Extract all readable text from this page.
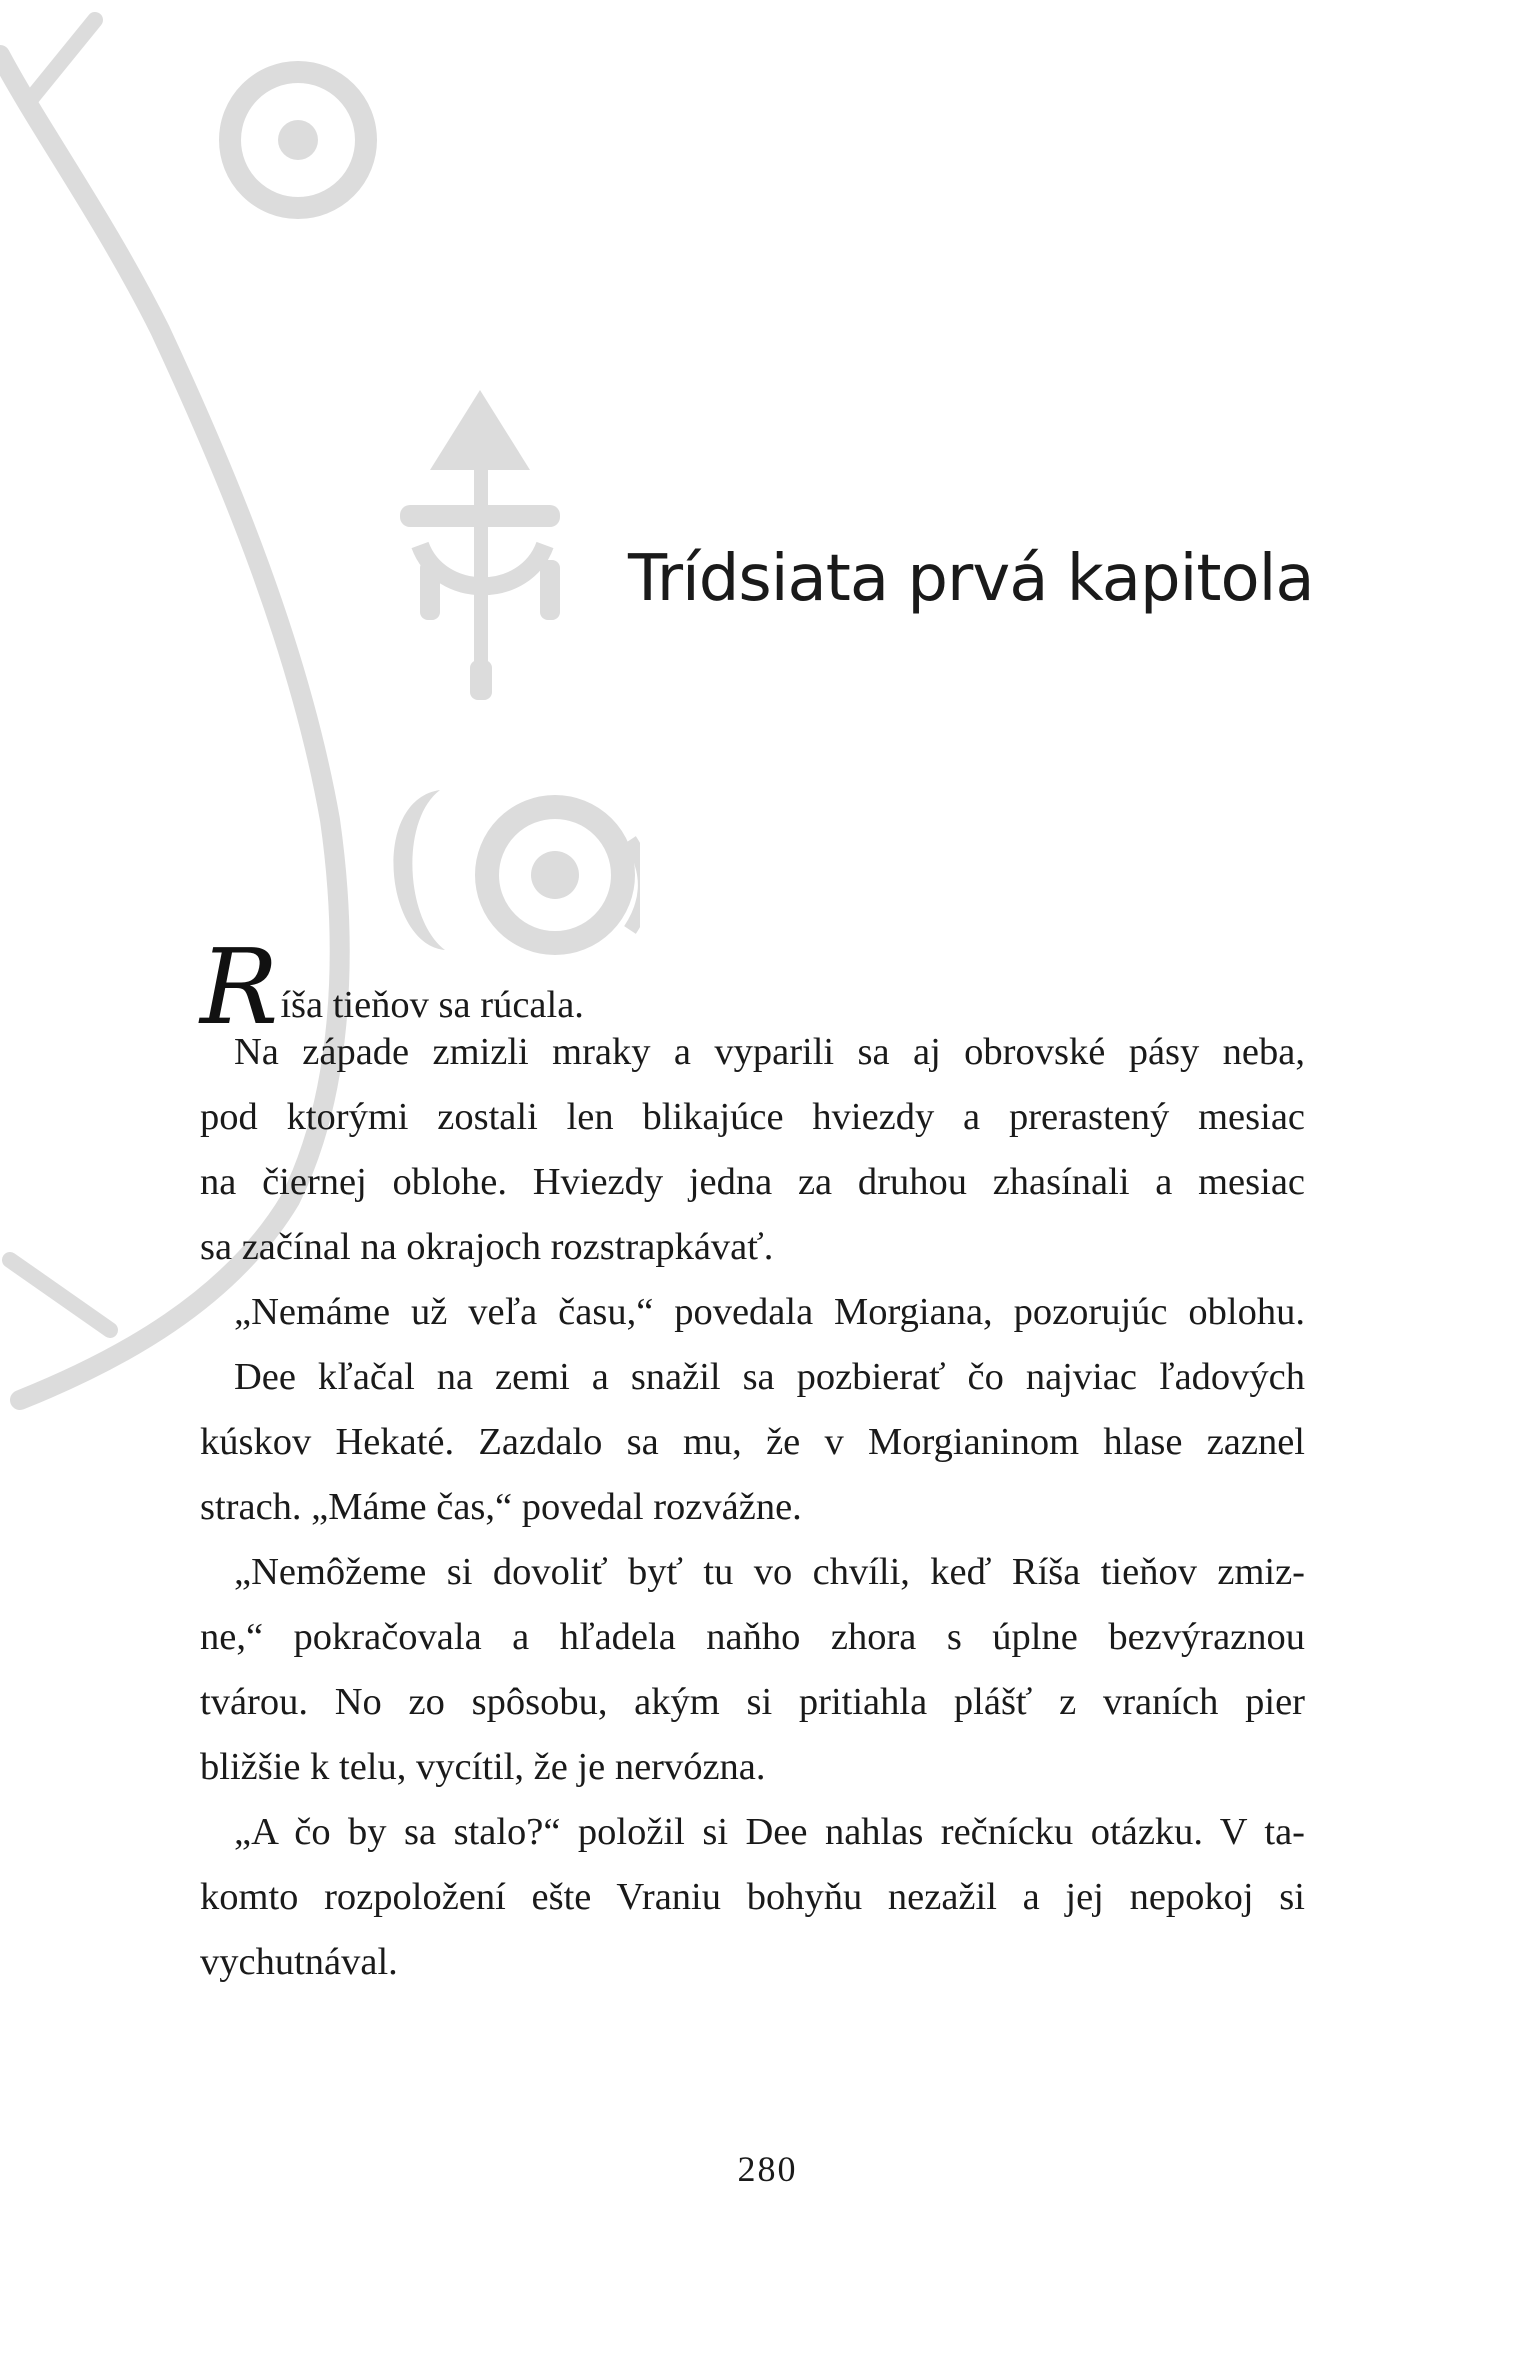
Trídsiata prvá kapitola
Ríša tieňov sa rúcala.
Na západe zmizli mraky a vyparili sa aj obrovské pásy neba,
pod ktorými zostali len blikajúce hviezdy a prerastený mesiac
na čiernej oblohe. Hviezdy jedna za druhou zhasínali a mesiac
sa začínal na okrajoch rozstrapkávať.
„Nemáme už veľa času,“ povedala Morgiana, pozorujúc oblohu.
Dee kľačal na zemi a snažil sa pozbierať čo najviac ľadových
kúskov Hekaté. Zazdalo sa mu, že v Morgianinom hlase zaznel
strach. „Máme čas,“ povedal rozvážne.
„Nemôžeme si dovoliť byť tu vo chvíli, keď Ríša tieňov zmiz-
ne,“ pokračovala a hľadela naňho zhora s úplne bezvýraznou
tvárou. No zo spôsobu, akým si pritiahla plášť z vraních pier
bližšie k telu, vycítil, že je nervózna.
„A čo by sa stalo?“ položil si Dee nahlas rečnícku otázku. V ta-
komto rozpoložení ešte Vraniu bohyňu nezažil a jej nepokoj si
vychutnával.
280
